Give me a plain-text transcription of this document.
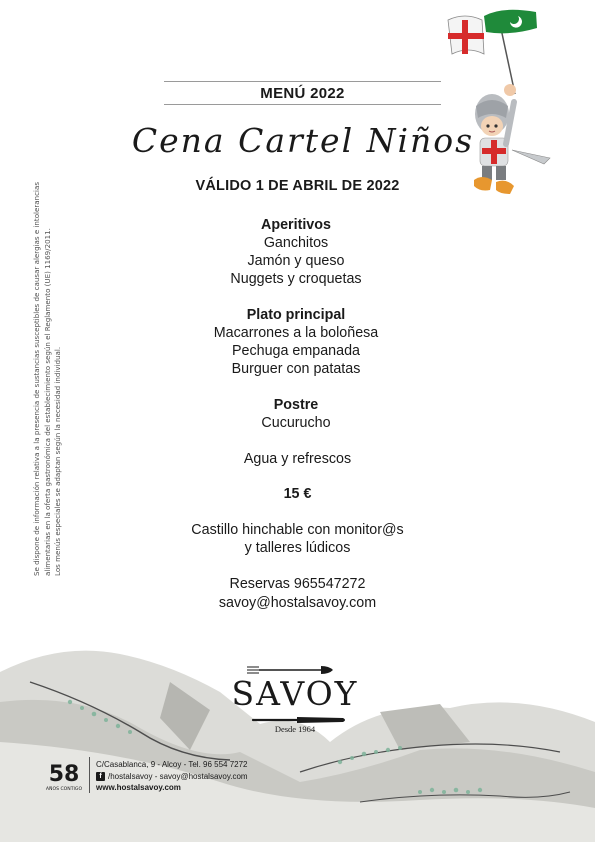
Se dispone de información relativa a la presencia de sustancias susceptibles de causar alergias e intolerancias alimentarias en la oferta gastronómica del establecimiento según el Reglamento (UE) 1169/2011. Los menús especiales se adaptan según la necesidad individual.
MENÚ 2022
Cena Cartel Niños
VÁLIDO 1 DE ABRIL DE 2022
Aperitivos
Ganchitos
Jamón y queso
Nuggets y croquetas
Plato principal
Macarrones a la boloñesa
Pechuga empanada
Burguer con patatas
Postre
Cucurucho
Agua y refrescos
15 €
Castillo hinchable con monitor@s
y talleres lúdicos
Reservas 965547272
savoy@hostalsavoy.com
SAVOY
Desde 1964
58
AÑOS CONTIGO
C/Casablanca, 9 - Alcoy - Tel. 96 554 7272
f /hostalsavoy - savoy@hostalsavoy.com
www.hostalsavoy.com
